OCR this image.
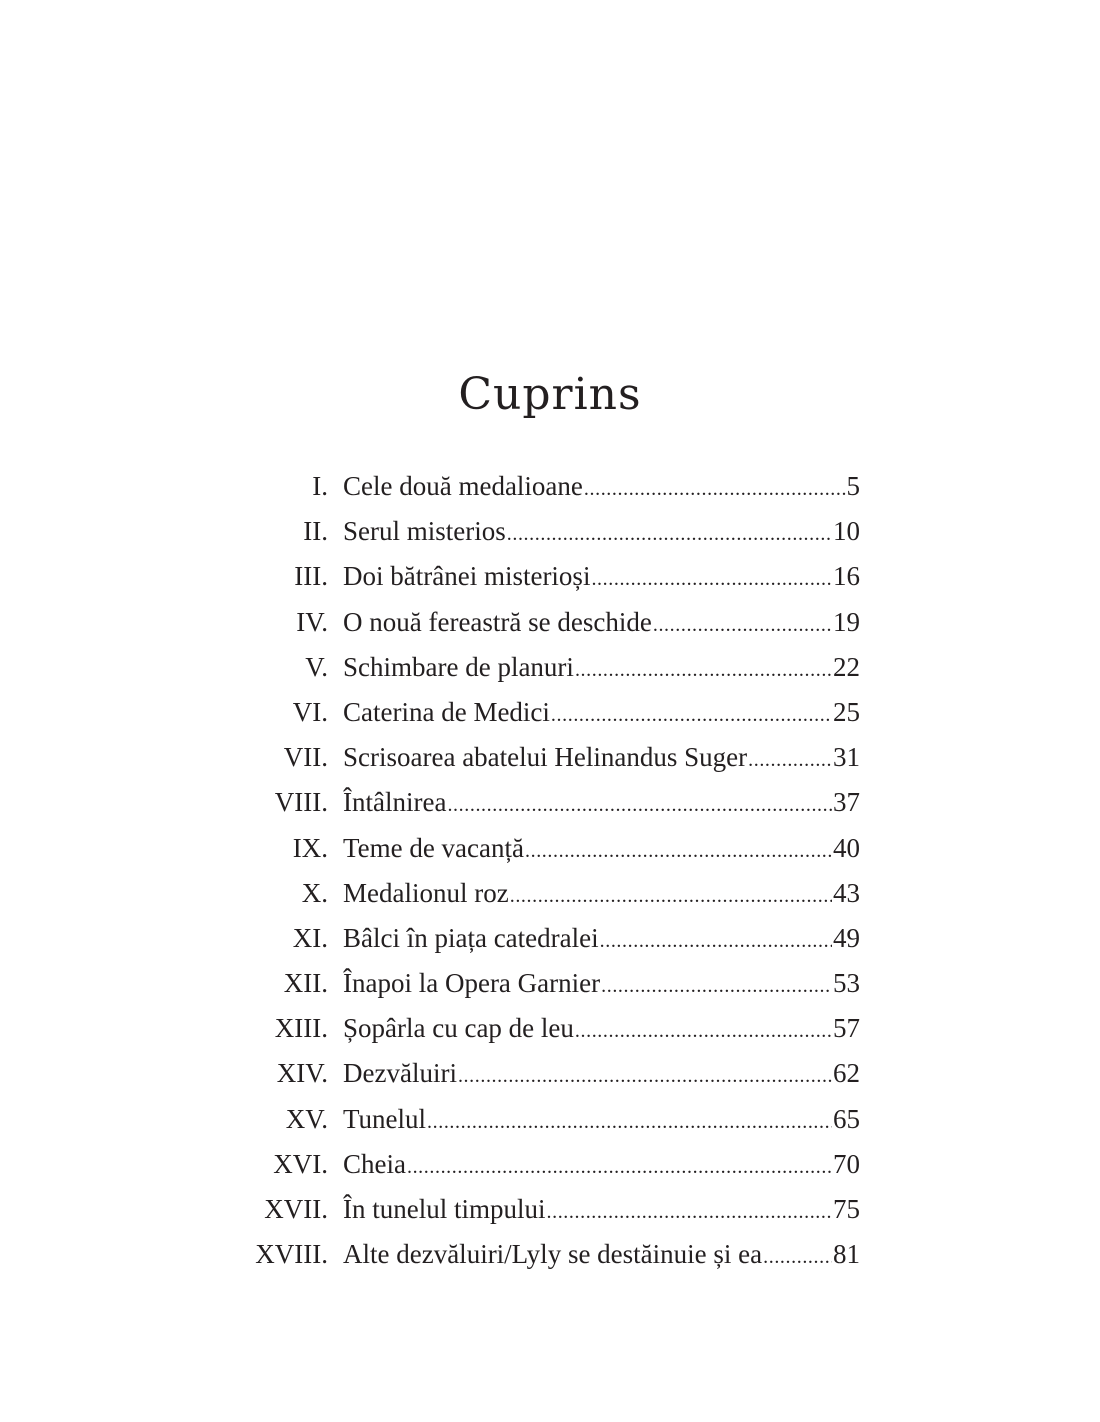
Cuprins
I. Cele două medalioane .....	5
II. Serul misterios .....	10
III. Doi bătrânei misterioși .....	16
IV. O nouă fereastră se deschide .....	19
V. Schimbare de planuri .....	22
VI. Caterina de Medici .....	25
VII. Scrisoarea abatelui Helinandus Suger .....	31
VIII. Întâlnirea .....	37
IX. Teme de vacanță .....	40
X. Medalionul roz .....	43
XI. Bâlci în piața catedralei .....	49
XII. Înapoi la Opera Garnier .....	53
XIII. Șopârla cu cap de leu .....	57
XIV. Dezvăluiri .....	62
XV. Tunelul .....	65
XVI. Cheia .....	70
XVII. În tunelul timpului .....	75
XVIII. Alte dezvăluiri/Lyly se destăinuie și ea .....	81
